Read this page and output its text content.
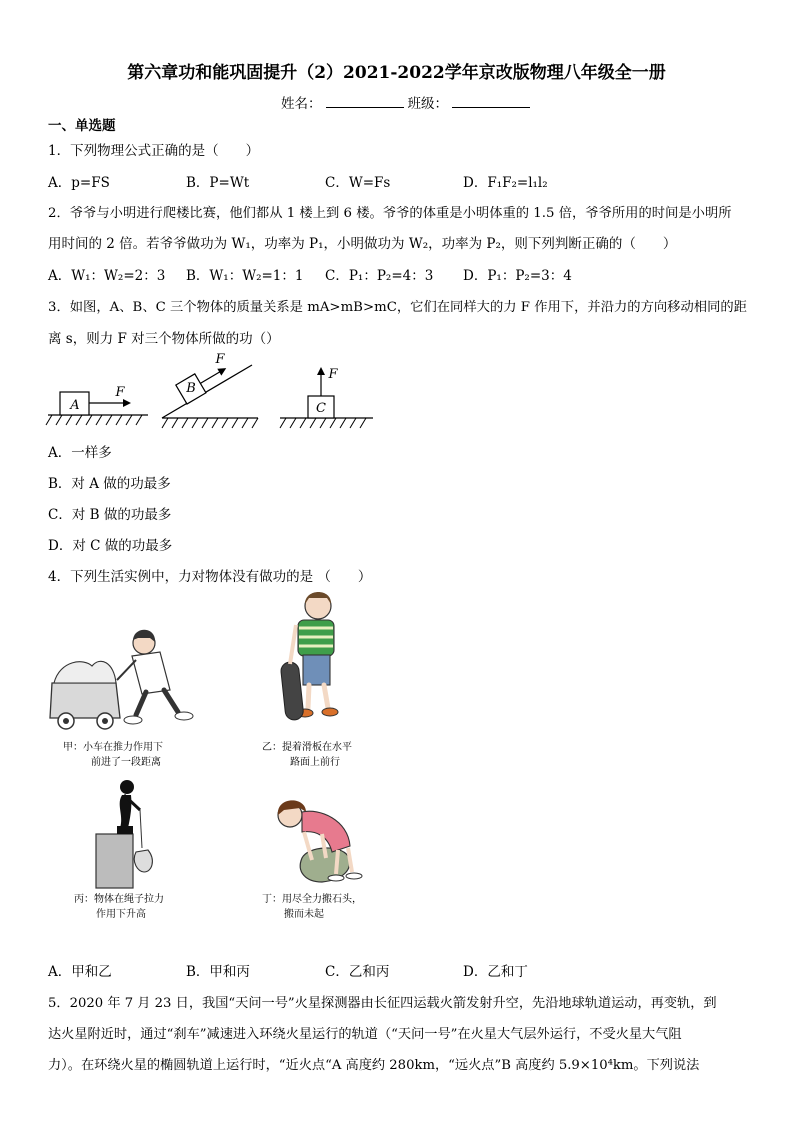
第六章功和能巩固提升（2）2021-2022学年京改版物理八年级全一册
姓名：	班级：
一、单选题
1．下列物理公式正确的是（　　）
A．p=FS	B．P=Wt	C．W=Fs	D．F₁F₂=l₁l₂
2．爷爷与小明进行爬楼比赛，他们都从 1 楼上到 6 楼。爷爷的体重是小明体重的 1.5 倍，爷爷所用的时间是小明所
用时间的 2 倍。若爷爷做功为 W₁，功率为 P₁，小明做功为 W₂，功率为 P₂，则下列判断正确的（　　）
A．W₁：W₂=2：3 B．W₁：W₂=1：1 C．P₁：P₂=4：3 D．P₁：P₂=3：4
3．如图，A、B、C 三个物体的质量关系是 mA>mB>mC，它们在同样大的力 F 作用下，并沿力的方向移动相同的距
离 s，则力 F 对三个物体所做的功（）
A
F	B
F
C
F
A．一样多
B．对 A 做的功最多
C．对 B 做的功最多
D．对 C 做的功最多
4．下列生活实例中，力对物体没有做功的是 （　　）
甲：小车在推力作用下
前进了一段距离
乙：提着滑板在水平
路面上前行
丙：物体在绳子拉力
作用下升高
丁：用尽全力搬石头，
搬而未起
A．甲和乙	B．甲和丙	C．乙和丙	D．乙和丁
5．2020 年 7 月 23 日，我国“天问一号”火星探测器由长征四运载火箭发射升空，先沿地球轨道运动，再变轨，到
达火星附近时，通过“刹车”减速进入环绕火星运行的轨道（“天问一号”在火星大气层外运行，不受火星大气阻
力）。在环绕火星的椭圆轨道上运行时，“近火点“A 高度约 280km，“远火点”B 高度约 5.9×10⁴km。下列说法
